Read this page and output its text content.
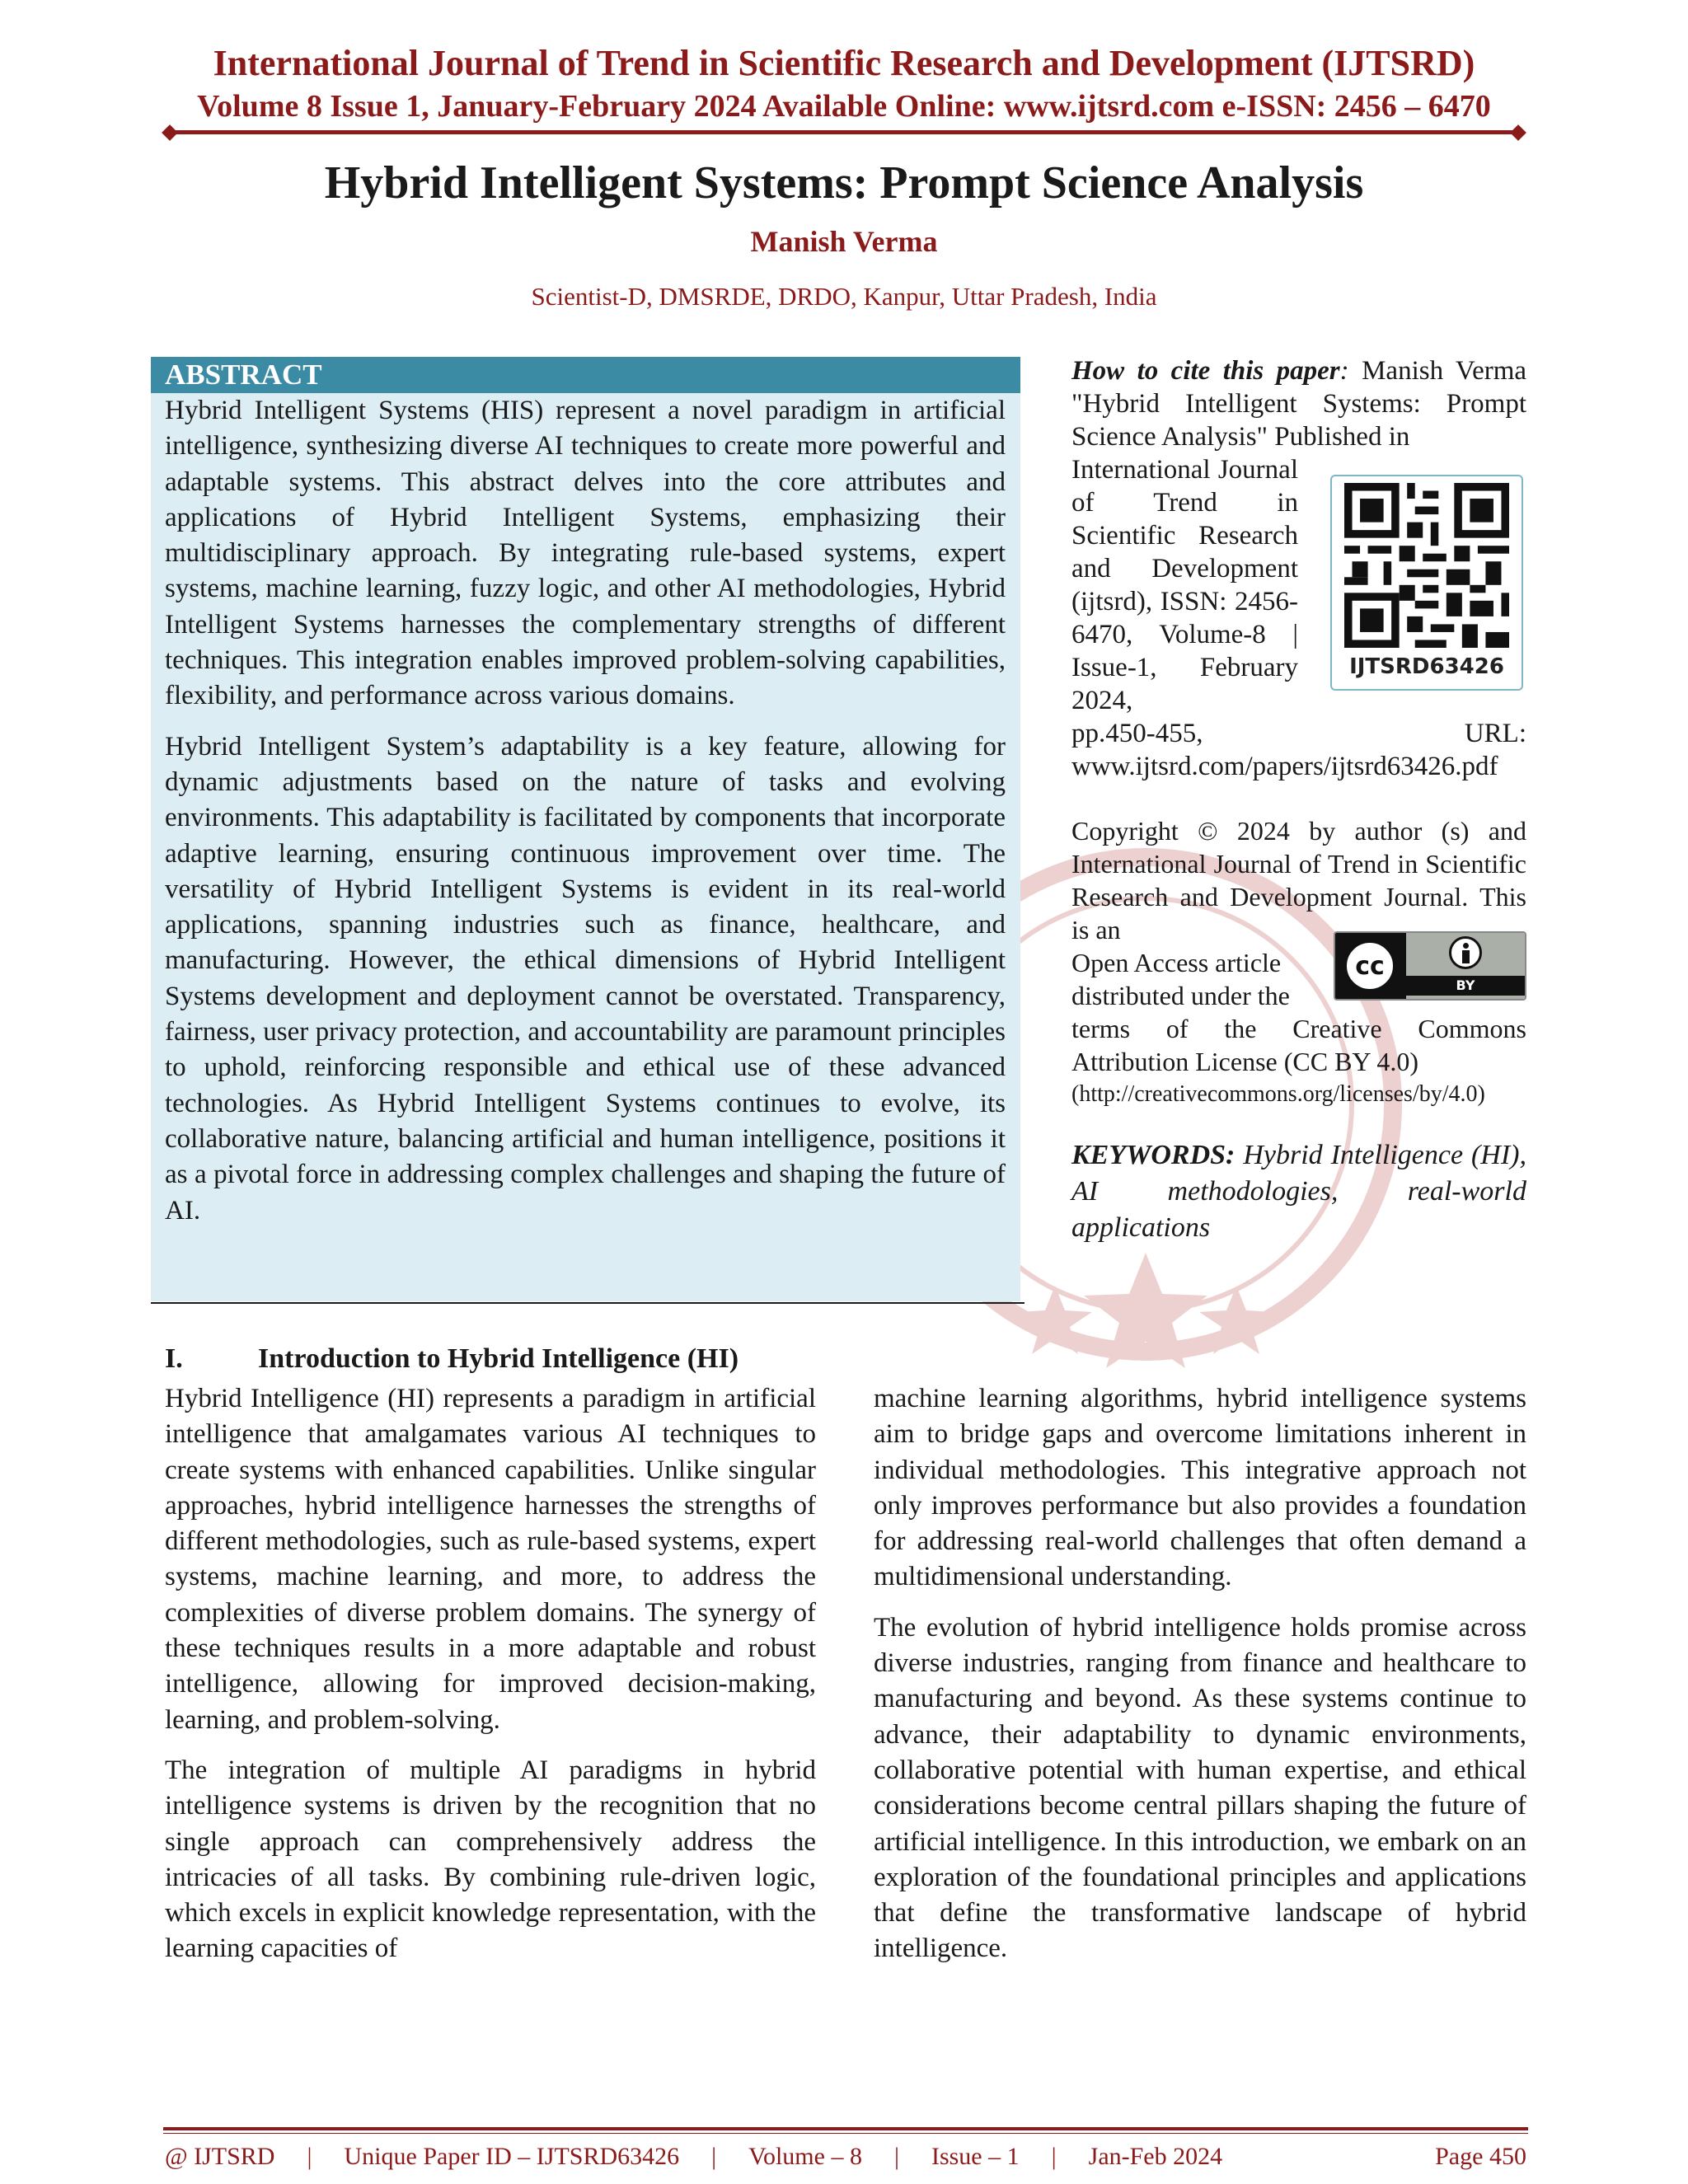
International Journal of Trend in Scientific Research and Development (IJTSRD)
Volume 8 Issue 1, January-February 2024 Available Online: www.ijtsrd.com e-ISSN: 2456 – 6470
Hybrid Intelligent Systems: Prompt Science Analysis
Manish Verma
Scientist-D, DMSRDE, DRDO, Kanpur, Uttar Pradesh, India
ABSTRACT

Hybrid Intelligent Systems (HIS) represent a novel paradigm in artificial intelligence, synthesizing diverse AI techniques to create more powerful and adaptable systems. This abstract delves into the core attributes and applications of Hybrid Intelligent Systems, emphasizing their multidisciplinary approach. By integrating rule-based systems, expert systems, machine learning, fuzzy logic, and other AI methodologies, Hybrid Intelligent Systems harnesses the complementary strengths of different techniques. This integration enables improved problem-solving capabilities, flexibility, and performance across various domains.

Hybrid Intelligent System’s adaptability is a key feature, allowing for dynamic adjustments based on the nature of tasks and evolving environments. This adaptability is facilitated by components that incorporate adaptive learning, ensuring continuous improvement over time. The versatility of Hybrid Intelligent Systems is evident in its real-world applications, spanning industries such as finance, healthcare, and manufacturing. However, the ethical dimensions of Hybrid Intelligent Systems development and deployment cannot be overstated. Transparency, fairness, user privacy protection, and accountability are paramount principles to uphold, reinforcing responsible and ethical use of these advanced technologies. As Hybrid Intelligent Systems continues to evolve, its collaborative nature, balancing artificial and human intelligence, positions it as a pivotal force in addressing complex challenges and shaping the future of AI.

How to cite this paper: Manish Verma "Hybrid Intelligent Systems: Prompt Science Analysis" Published in

International Journal of Trend in Scientific Research and Development (ijtsrd), ISSN: 2456-6470, Volume-8 | Issue-1, February 2024,

pp.450-455,	URL:

www.ijtsrd.com/papers/ijtsrd63426.pdf

IJTSRD63426

Copyright © 2024 by author (s) and International Journal of Trend in Scientific Research and Development Journal. This is an

Open Access article distributed under the

terms of the Creative Commons Attribution License (CC BY 4.0)

(http://creativecommons.org/licenses/by/4.0)

cc
BY
KEYWORDS: Hybrid Intelligence (HI), AI methodologies, real-world applications
I.	Introduction to Hybrid Intelligence (HI)

Hybrid Intelligence (HI) represents a paradigm in artificial intelligence that amalgamates various AI techniques to create systems with enhanced capabilities. Unlike singular approaches, hybrid intelligence harnesses the strengths of different methodologies, such as rule-based systems, expert systems, machine learning, and more, to address the complexities of diverse problem domains. The synergy of these techniques results in a more adaptable and robust intelligence, allowing for improved decision-making, learning, and problem-solving.

The integration of multiple AI paradigms in hybrid intelligence systems is driven by the recognition that no single approach can comprehensively address the intricacies of all tasks. By combining rule-driven logic, which excels in explicit knowledge representation, with the learning capacities of

machine learning algorithms, hybrid intelligence systems aim to bridge gaps and overcome limitations inherent in individual methodologies. This integrative approach not only improves performance but also provides a foundation for addressing real-world challenges that often demand a multidimensional understanding.

The evolution of hybrid intelligence holds promise across diverse industries, ranging from finance and healthcare to manufacturing and beyond. As these systems continue to advance, their adaptability to dynamic environments, collaborative potential with human expertise, and ethical considerations become central pillars shaping the future of artificial intelligence. In this introduction, we embark on an exploration of the foundational principles and applications that define the transformative landscape of hybrid intelligence.

@ IJTSRD | Unique Paper ID – IJTSRD63426 | Volume – 8 | Issue – 1 | Jan-Feb 2024	Page 450
